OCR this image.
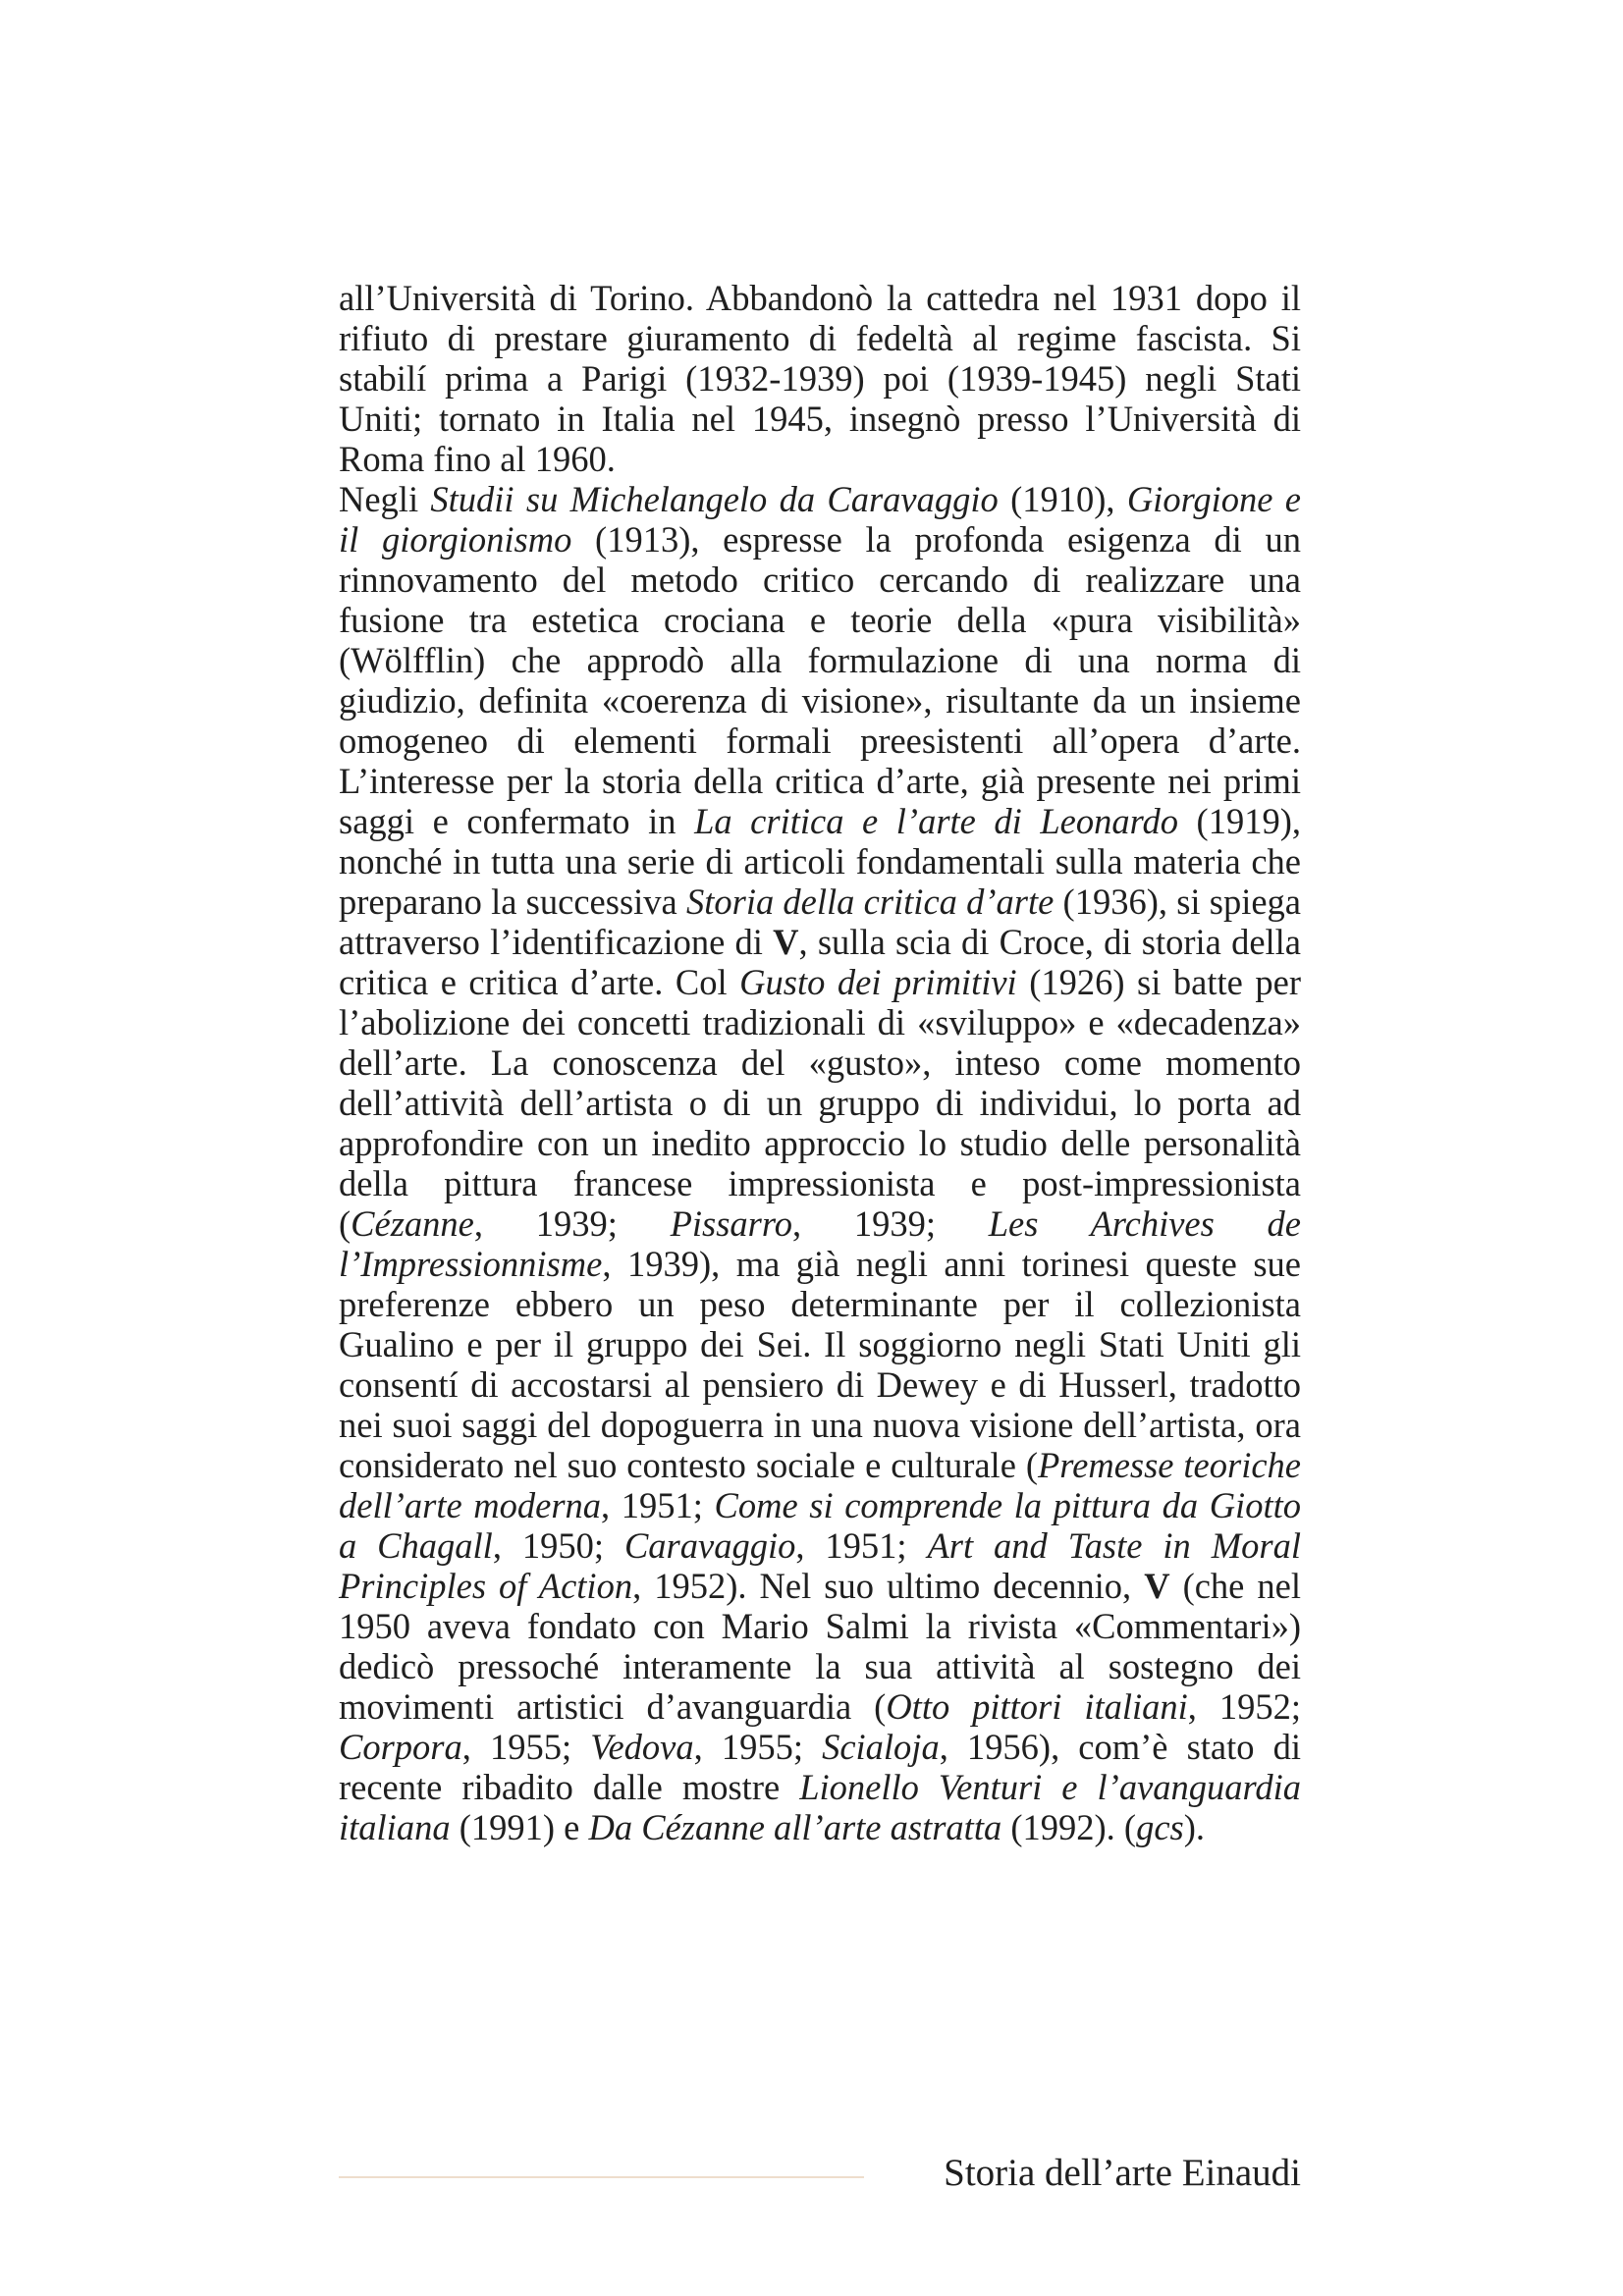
all’Università di Torino. Abbandonò la cattedra nel 1931 dopo il rifiuto di prestare giuramento di fedeltà al regime fascista. Si stabilí prima a Parigi (1932-1939) poi (1939-1945) negli Stati Uniti; tornato in Italia nel 1945, insegnò presso l’Università di Roma fino al 1960.

Negli Studii su Michelangelo da Caravaggio (1910), Giorgione e il giorgionismo (1913), espresse la profonda esigenza di un rinnovamento del metodo critico cercando di realizzare una fusione tra estetica crociana e teorie della «pura visibilità» (Wölfflin) che approdò alla formulazione di una norma di giudizio, definita «coerenza di visione», risultante da un insieme omogeneo di elementi formali preesistenti all’opera d’arte. L’interesse per la storia della critica d’arte, già presente nei primi saggi e confermato in La critica e l’arte di Leonardo (1919), nonché in tutta una serie di articoli fondamentali sulla materia che preparano la successiva Storia della critica d’arte (1936), si spiega attraverso l’identificazione di V, sulla scia di Croce, di storia della critica e critica d’arte. Col Gusto dei primitivi (1926) si batte per l’abolizione dei concetti tradizionali di «sviluppo» e «decadenza» dell’arte. La conoscenza del «gusto», inteso come momento dell’attività dell’artista o di un gruppo di individui, lo porta ad approfondire con un inedito approccio lo studio delle personalità della pittura francese impressionista e post-impressionista (Cézanne, 1939; Pissarro, 1939; Les Archives de l’Impressionnisme, 1939), ma già negli anni torinesi queste sue preferenze ebbero un peso determinante per il collezionista Gualino e per il gruppo dei Sei. Il soggiorno negli Stati Uniti gli consentí di accostarsi al pensiero di Dewey e di Husserl, tradotto nei suoi saggi del dopoguerra in una nuova visione dell’artista, ora considerato nel suo contesto sociale e culturale (Premesse teoriche dell’arte moderna, 1951; Come si comprende la pittura da Giotto a Chagall, 1950; Caravaggio, 1951; Art and Taste in Moral Principles of Action, 1952). Nel suo ultimo decennio, V (che nel 1950 aveva fondato con Mario Salmi la rivista «Commentari») dedicò pressoché interamente la sua attività al sostegno dei movimenti artistici d’avanguardia (Otto pittori italiani, 1952; Corpora, 1955; Vedova, 1955; Scialoja, 1956), com’è stato di recente ribadito dalle mostre Lionello Venturi e l’avanguardia italiana (1991) e Da Cézanne all’arte astratta (1992). (gcs).

Storia dell’arte Einaudi
